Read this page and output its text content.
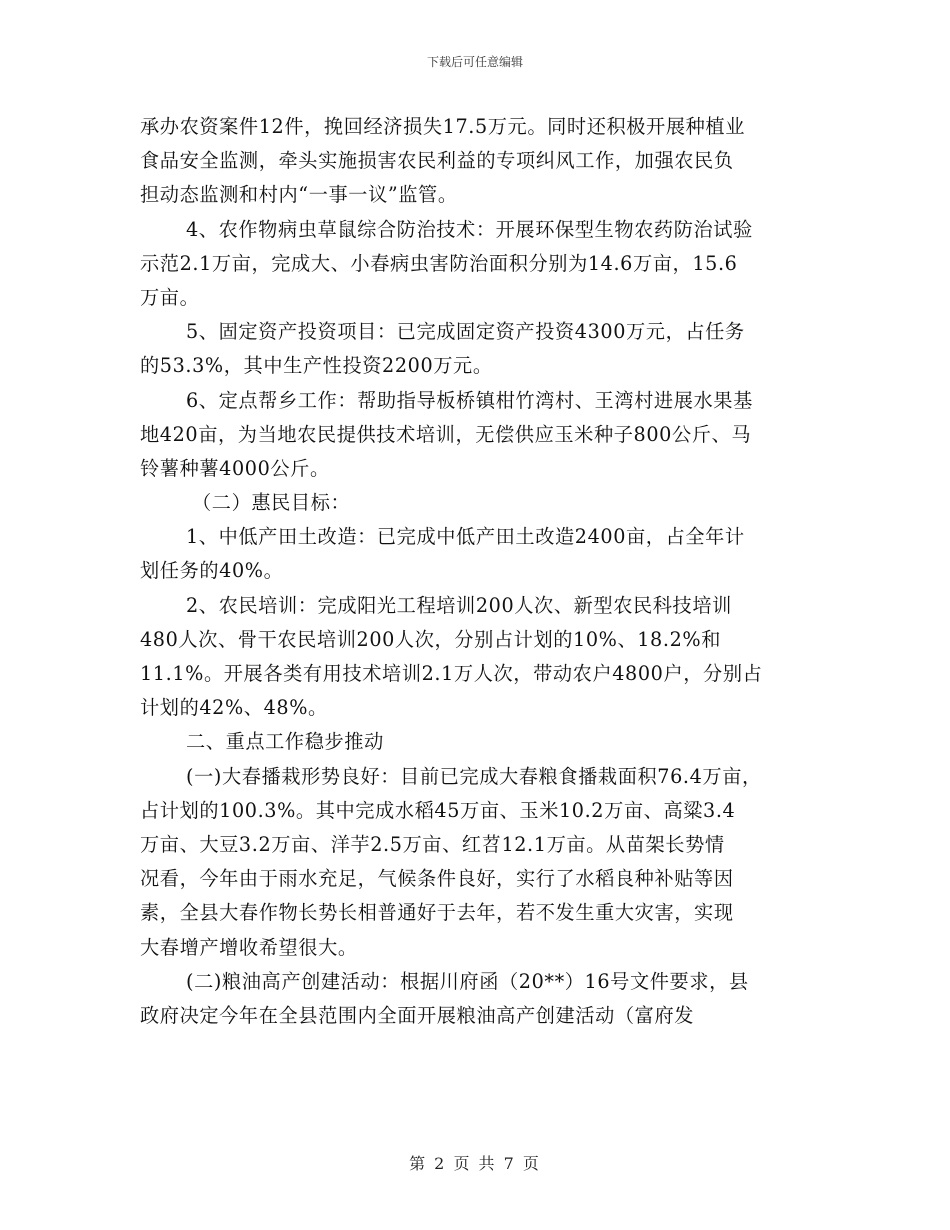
下载后可任意编辑
承办农资案件12件，挽回经济损失17.5万元。同时还积极开展种植业
食品安全监测，牵头实施损害农民利益的专项纠风工作，加强农民负
担动态监测和村内“一事一议”监管。
4、农作物病虫草鼠综合防治技术：开展环保型生物农药防治试验
示范2.1万亩，完成大、小春病虫害防治面积分别为14.6万亩，15.6
万亩。
5、固定资产投资项目：已完成固定资产投资4300万元，占任务
的53.3%，其中生产性投资2200万元。
6、定点帮乡工作：帮助指导板桥镇柑竹湾村、王湾村进展水果基
地420亩，为当地农民提供技术培训，无偿供应玉米种子800公斤、马
铃薯种薯4000公斤。
（二）惠民目标：
1、中低产田土改造：已完成中低产田土改造2400亩，占全年计
划任务的40%。
2、农民培训：完成阳光工程培训200人次、新型农民科技培训
480人次、骨干农民培训200人次，分别占计划的10%、18.2%和
11.1%。开展各类有用技术培训2.1万人次，带动农户4800户，分别占
计划的42%、48%。
二、重点工作稳步推动
(一)大春播栽形势良好：目前已完成大春粮食播栽面积76.4万亩，
占计划的100.3%。其中完成水稻45万亩、玉米10.2万亩、高粱3.4
万亩、大豆3.2万亩、洋芋2.5万亩、红苕12.1万亩。从苗架长势情
况看，今年由于雨水充足，气候条件良好，实行了水稻良种补贴等因
素，全县大春作物长势长相普通好于去年，若不发生重大灾害，实现
大春增产增收希望很大。
(二)粮油高产创建活动：根据川府函（20**）16号文件要求，县
政府决定今年在全县范围内全面开展粮油高产创建活动（富府发
第 2 页 共 7 页
